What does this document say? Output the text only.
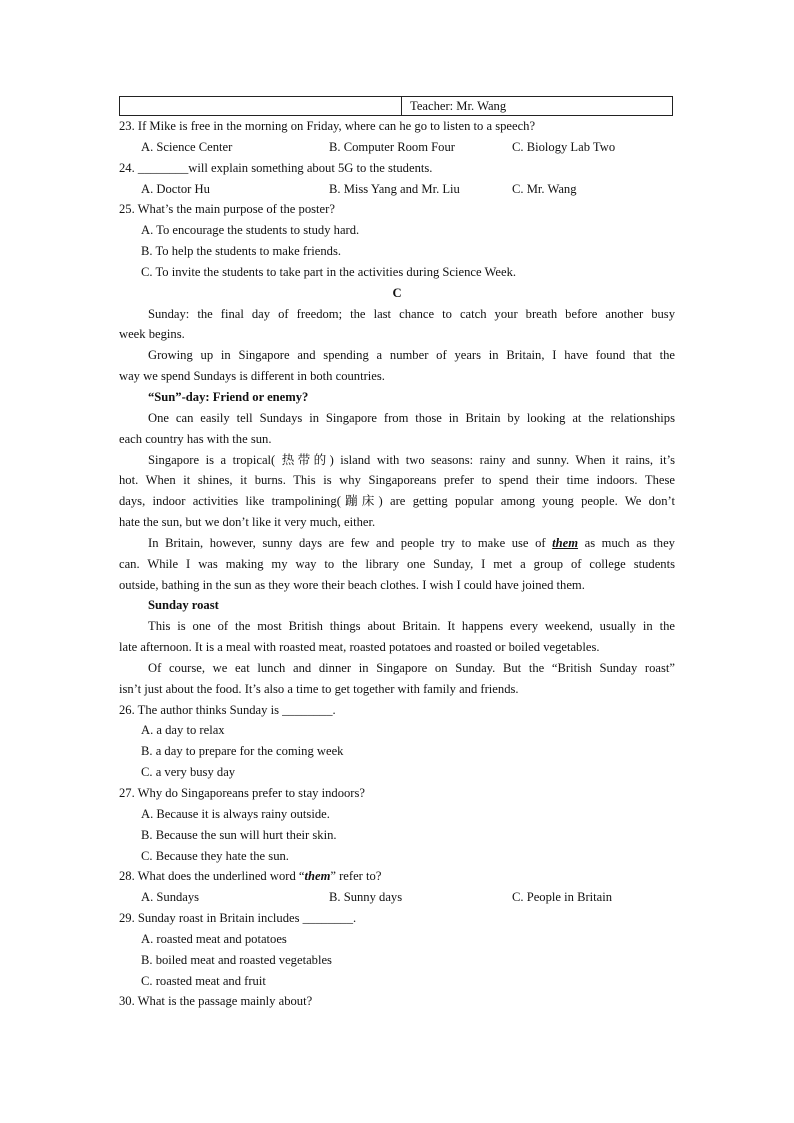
Teacher: Mr. Wang
23. If Mike is free in the morning on Friday, where can he go to listen to a speech?
A. Science Center	B. Computer Room Four	C. Biology Lab Two
24. ________will explain something about 5G to the students.
A. Doctor Hu	B. Miss Yang and Mr. Liu	C. Mr. Wang
25. What’s the main purpose of the poster?
A. To encourage the students to study hard.
B. To help the students to make friends.
C. To invite the students to take part in the activities during Science Week.
C
Sunday: the final day of freedom; the last chance to catch your breath before another busy
week begins.
Growing up in Singapore and spending a number of years in Britain, I have found that the
way we spend Sundays is different in both countries.
“Sun”-day: Friend or enemy?
One can easily tell Sundays in Singapore from those in Britain by looking at the relationships
each country has with the sun.
Singapore is a tropical( 热带的) island with two seasons: rainy and sunny. When it rains, it’s
hot. When it shines, it burns. This is why Singaporeans prefer to spend their time indoors. These
days, indoor activities like trampolining(蹦床) are getting popular among young people. We don’t
hate the sun, but we don’t like it very much, either.
In Britain, however, sunny days are few and people try to make use of them as much as they
can. While I was making my way to the library one Sunday, I met a group of college students
outside, bathing in the sun as they wore their beach clothes. I wish I could have joined them.
Sunday roast
This is one of the most British things about Britain. It happens every weekend, usually in the
late afternoon. It is a meal with roasted meat, roasted potatoes and roasted or boiled vegetables.
Of course, we eat lunch and dinner in Singapore on Sunday. But the “British Sunday roast”
isn’t just about the food. It’s also a time to get together with family and friends.
26. The author thinks Sunday is ________.
A. a day to relax
B. a day to prepare for the coming week
C. a very busy day
27. Why do Singaporeans prefer to stay indoors?
A. Because it is always rainy outside.
B. Because the sun will hurt their skin.
C. Because they hate the sun.
28. What does the underlined word “them” refer to?
A. Sundays	B. Sunny days	C. People in Britain
29. Sunday roast in Britain includes ________.
A. roasted meat and potatoes
B. boiled meat and roasted vegetables
C. roasted meat and fruit
30. What is the passage mainly about?
